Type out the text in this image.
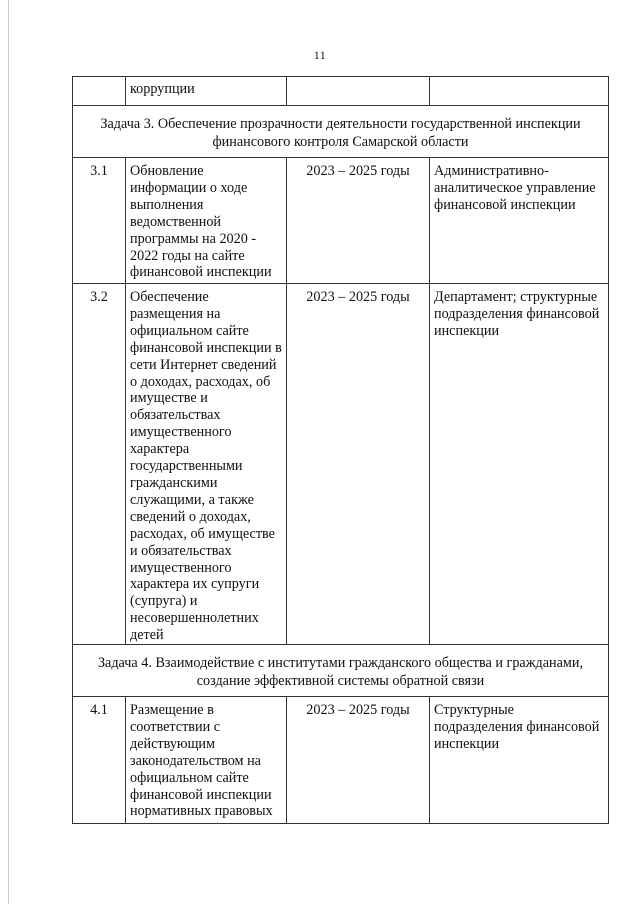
11
	коррупции		
Задача 3. Обеспечение прозрачности деятельности государственной инспекции финансового контроля Самарской области			
3.1	Обновление информации о ходе выполнения ведомственной программы на 2020 - 2022 годы на сайте финансовой инспекции	2023 – 2025 годы	Административно-аналитическое управление финансовой инспекции
3.2	Обеспечение размещения на официальном сайте финансовой инспекции в сети Интернет сведений о доходах, расходах, об имуществе и обязательствах имущественного характера государственными гражданскими служащими, а также сведений о доходах, расходах, об имуществе и обязательствах имущественного характера их супруги (супруга) и несовершеннолетних детей	2023 – 2025 годы	Департамент; структурные подразделения финансовой инспекции
Задача 4. Взаимодействие с институтами гражданского общества и гражданами, создание эффективной системы обратной связи			
4.1	Размещение в соответствии с действующим законодательством на официальном сайте финансовой инспекции нормативных правовых	2023 – 2025 годы	Структурные подразделения финансовой инспекции
